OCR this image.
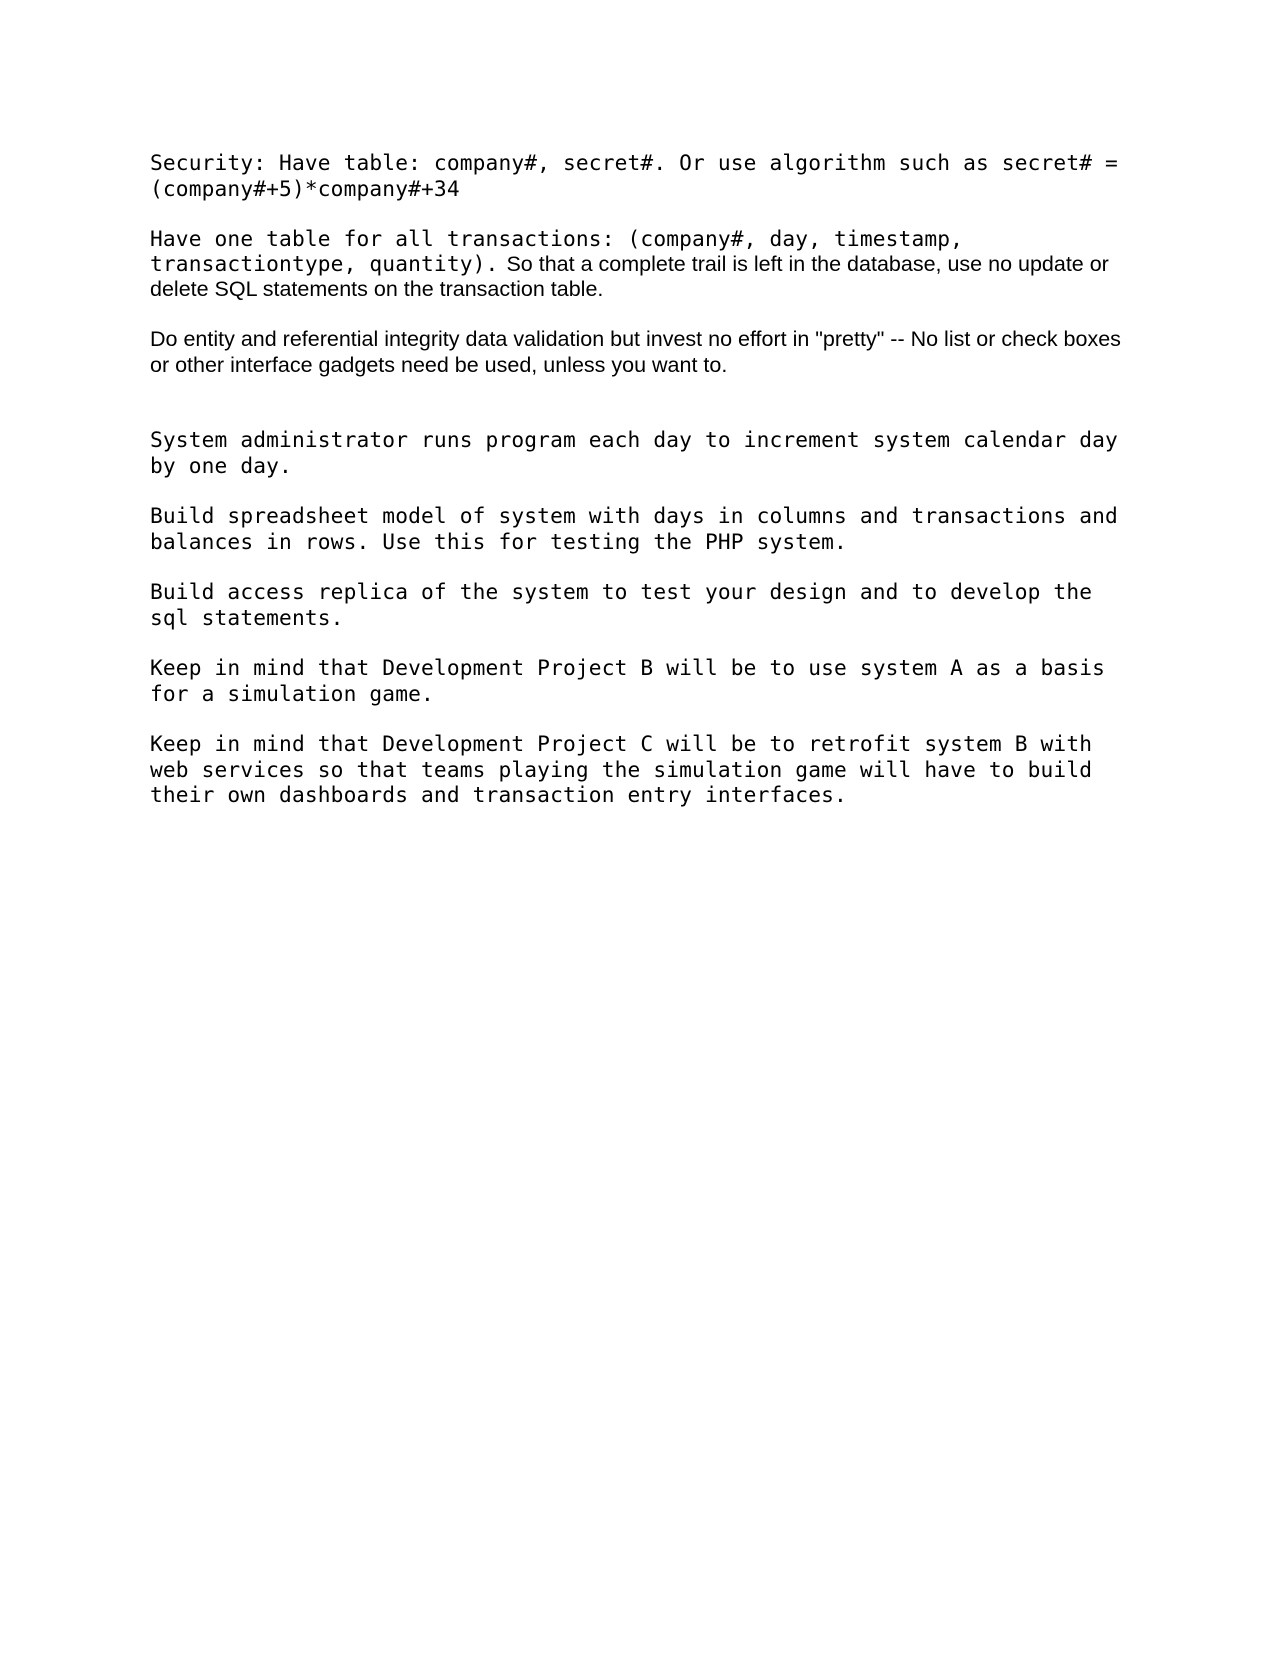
Security: Have table: company#, secret#. Or use algorithm such as secret# = (company#+5)*company#+34

Have one table for all transactions: (company#, day, timestamp, transactiontype, quantity). So that a complete trail is left in the database, use no update or delete SQL statements on the transaction table.

Do entity and referential integrity data validation but invest no effort in "pretty" -- No list or check boxes or other interface gadgets need be used, unless you want to.

System administrator runs program each day to increment system calendar day by one day.

Build spreadsheet model of system with days in columns and transactions and balances in rows. Use this for testing the PHP system.

Build access replica of the system to test your design and to develop the sql statements.

Keep in mind that Development Project B will be to use system A as a basis for a simulation game.

Keep in mind that Development Project C will be to retrofit system B with web services so that teams playing the simulation game will have to build their own dashboards and transaction entry interfaces.
